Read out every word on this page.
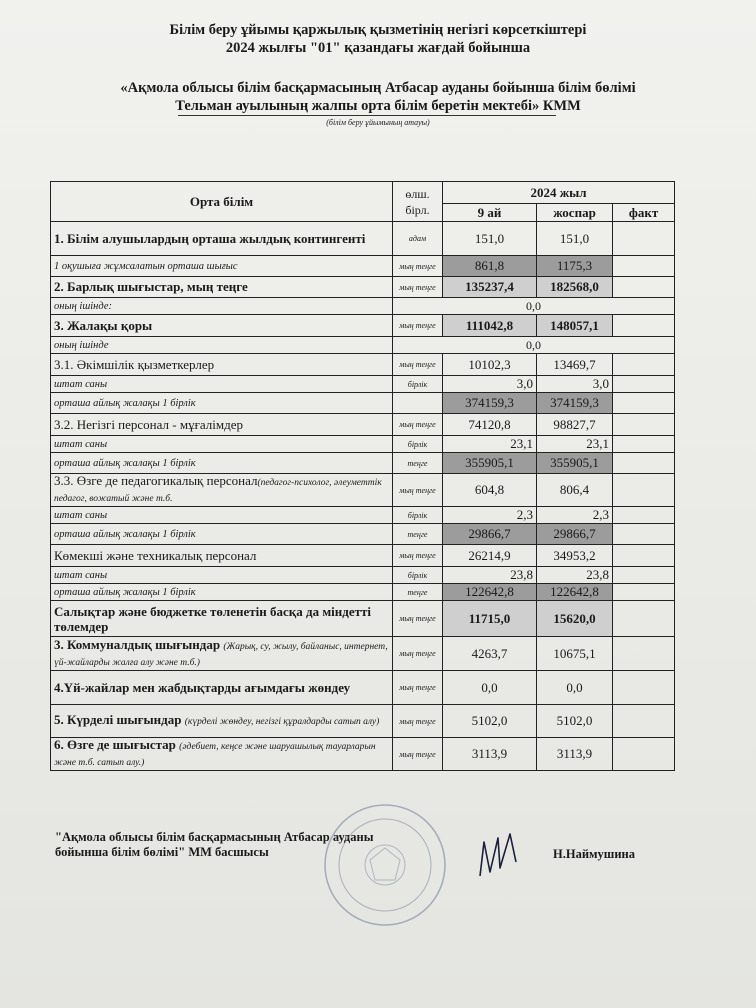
Білім беру ұйымы қаржылық қызметінің негізгі көрсеткіштері
2024 жылғы "01" қазандағы жағдай бойынша
«Ақмола облысы білім басқармасының Атбасар ауданы бойынша білім бөлімі
Тельман ауылының жалпы орта білім беретін мектебі» КММ
(білім беру ұйымының атауы)
Орта білім	өлш.
бірл.	2024 жыл		
		9 ай	жоспар	факт
1. Білім алушылардың орташа жылдық контингенті	адам	151,0	151,0	
1 оқушыға жұмсалатын орташа шығыс	мың теңге	861,8	1175,3	
2. Барлық шығыстар, мың теңге	мың теңге	135237,4	182568,0	
оның ішінде:	0,0			
3. Жалақы қоры	мың теңге	111042,8	148057,1	
оның ішінде	0,0			
3.1. Әкімшілік қызметкерлер	мың теңге	10102,3	13469,7	
штат саны	бірлік	3,0	3,0	
орташа айлық жалақы 1 бірлік		374159,3	374159,3	
3.2. Негізгі персонал - мұғалімдер	мың теңге	74120,8	98827,7	
штат саны	бірлік	23,1	23,1	
орташа айлық жалақы 1 бірлік	теңге	355905,1	355905,1	
3.3. Өзге де педагогикалық персонал(педагог-психолог, әлеуметтік педагог, вожатый және т.б.	мың теңге	604,8	806,4	
штат саны	бірлік	2,3	2,3	
орташа айлық жалақы 1 бірлік	теңге	29866,7	29866,7	
Көмекші және техникалық персонал	мың теңге	26214,9	34953,2	
штат саны	бірлік	23,8	23,8	
орташа айлық жалақы 1 бірлік	теңге	122642,8	122642,8	
Салықтар және бюджетке төленетін басқа да міндетті төлемдер	мың теңге	11715,0	15620,0	
3. Коммуналдық шығындар (Жарық, су, жылу, байланыс, интернет, үй-жайларды жалға алу және т.б.)	мың теңге	4263,7	10675,1	
4.Үй-жайлар мен жабдықтарды ағымдағы жөндеу	мың теңге	0,0	0,0	
5. Күрделі шығындар (күрделі жөндеу, негізгі құралдарды сатып алу)	мың теңге	5102,0	5102,0	
6. Өзге де шығыстар (әдебиет, кеңсе және шаруашылық тауарларын және т.б. сатып алу.)	мың теңге	3113,9	3113,9	
"Ақмола облысы білім басқармасының Атбасар ауданы
бойынша білім бөлімі" ММ басшысы	Н.Наймушина
